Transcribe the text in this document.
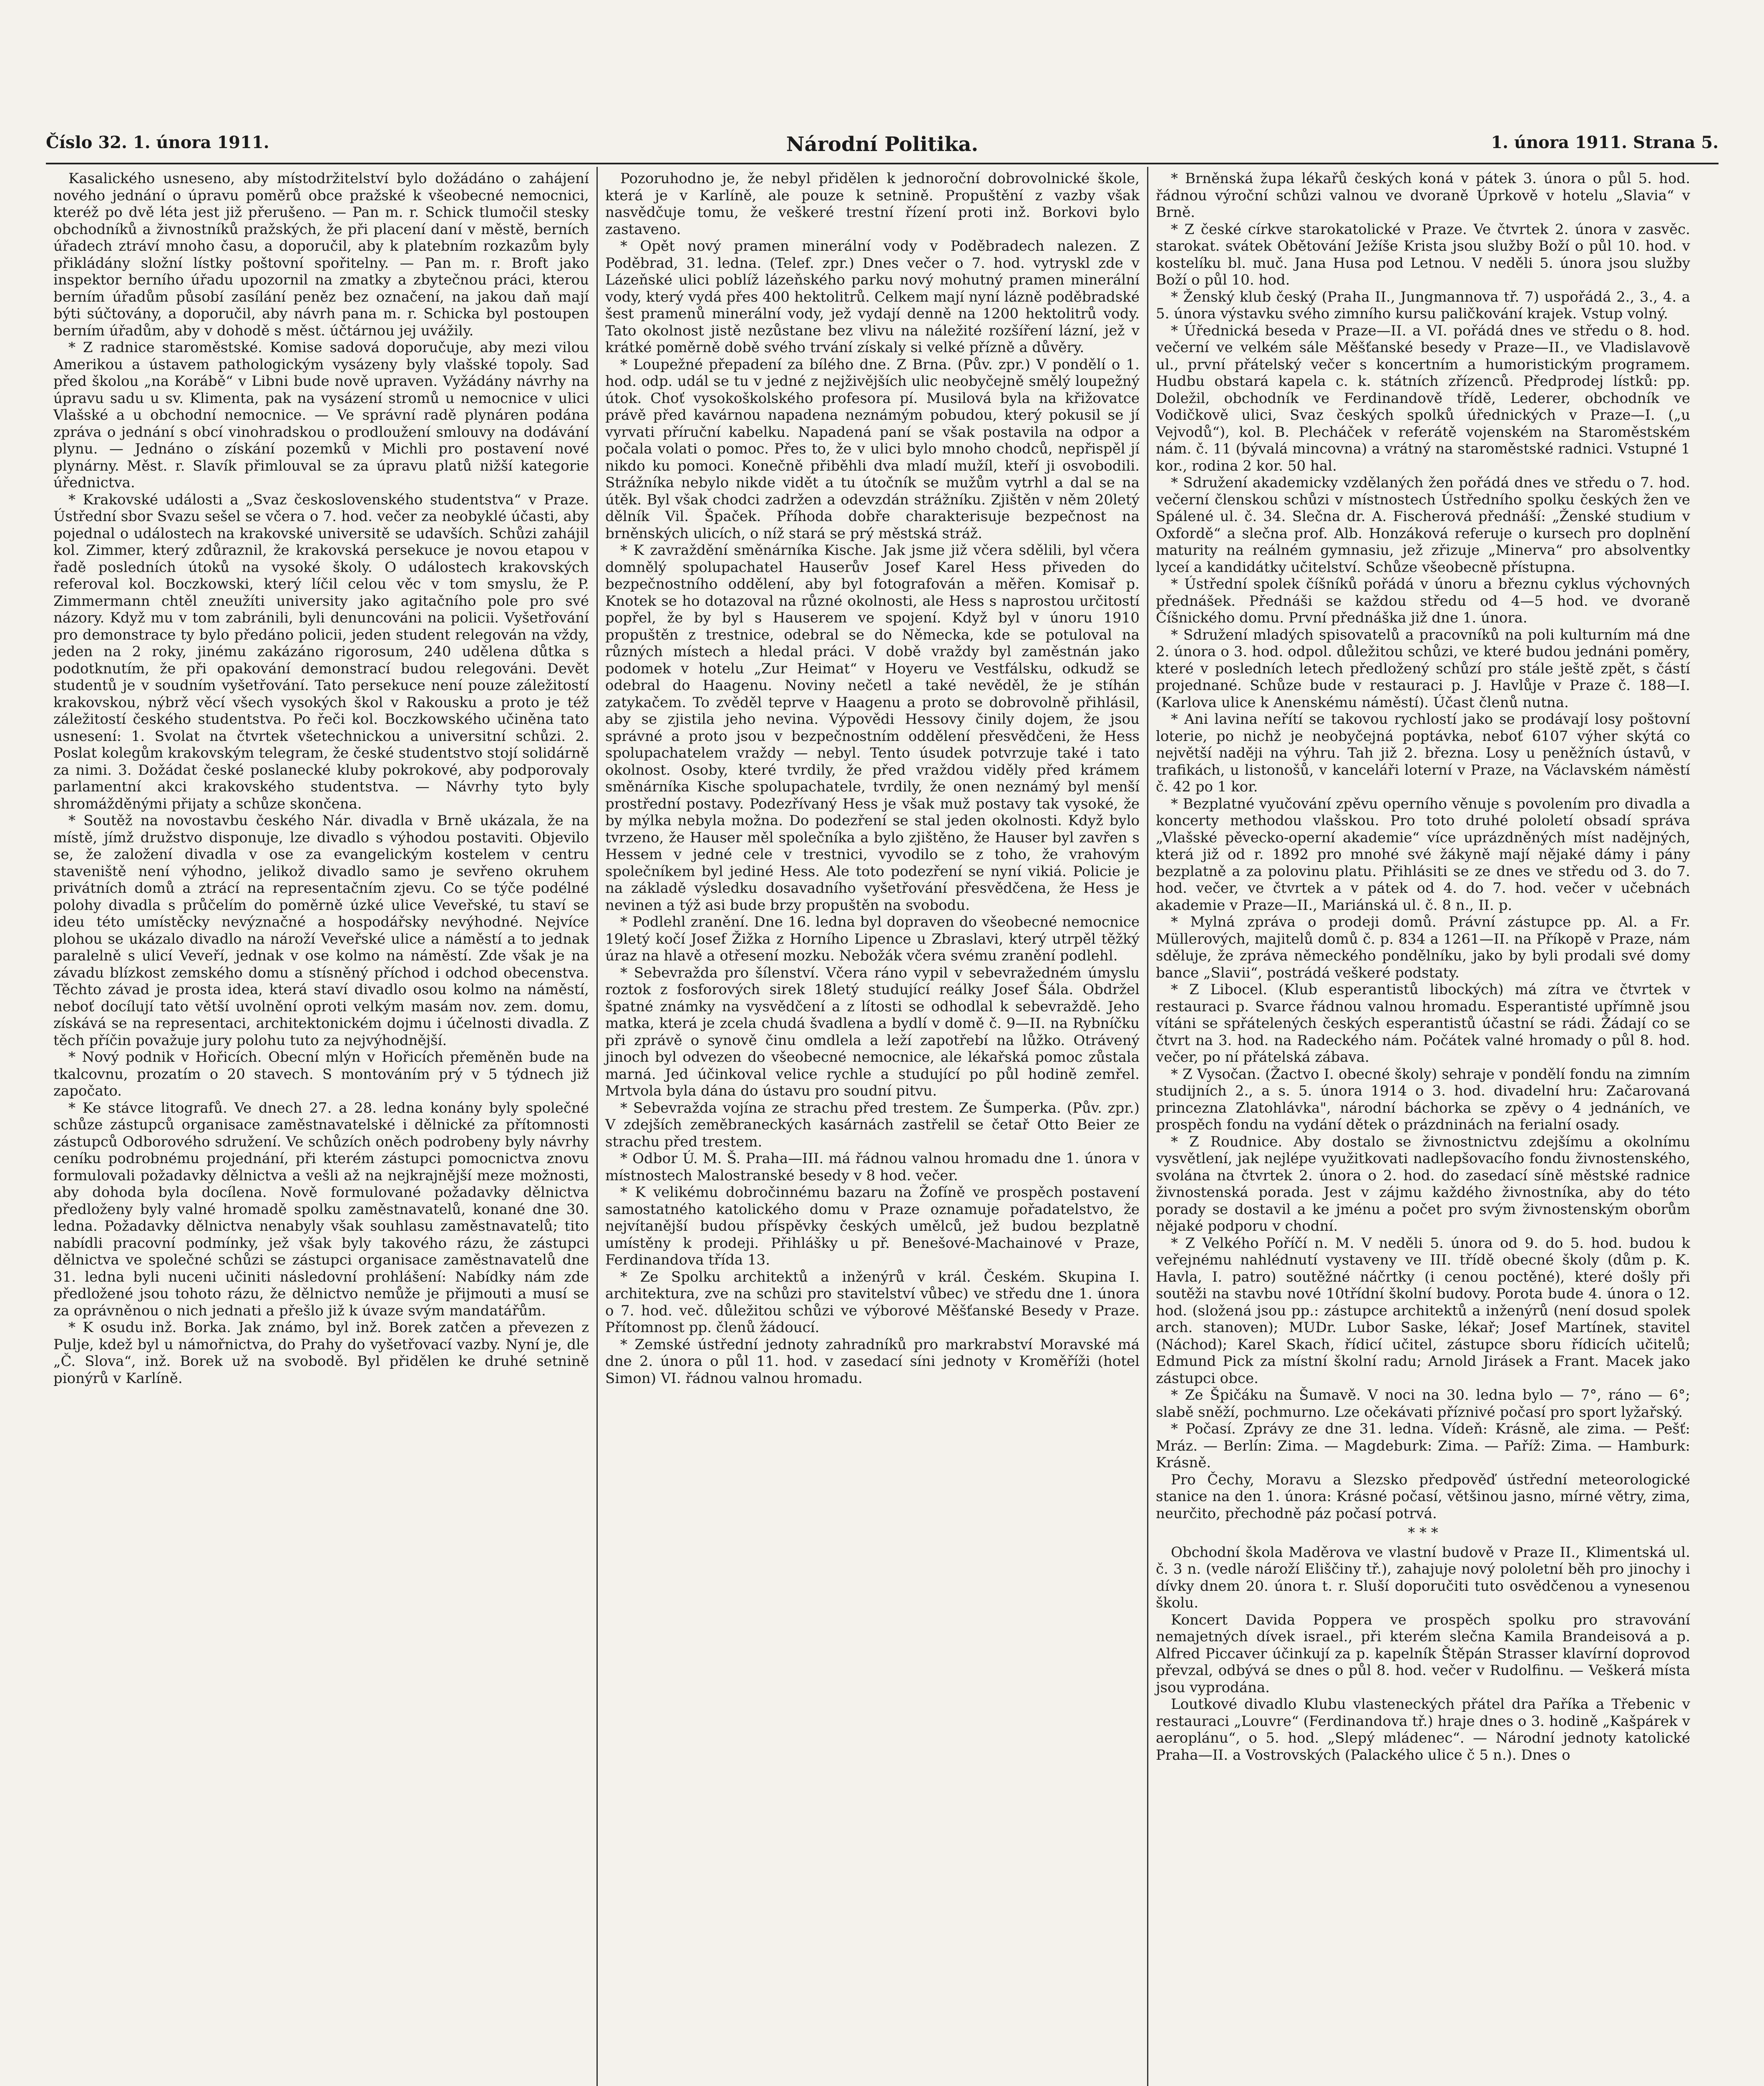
Číslo 32. 1. února 1911.	Národní Politika.	1. února 1911. Strana 5.

Kasalického usneseno, aby místodržitelství bylo dožádáno o zahájení nového jednání o úpravu poměrů obce pražské k všeobecné nemocnici, kteréž po dvě léta jest již přerušeno. — Pan m. r. Schick tlumočil stesky obchodníků a živnostníků pražských, že při placení daní v městě, berních úřadech ztráví mnoho času, a doporučil, aby k platebním rozkazům byly přikládány složní lístky poštovní spořitelny. — Pan m. r. Broft jako inspektor berního úřadu upozornil na zmatky a zbytečnou práci, kterou berním úřadům působí zasílání peněz bez označení, na jakou daň mají býti súčtovány, a doporučil, aby návrh pana m. r. Schicka byl postoupen berním úřadům, aby v dohodě s měst. účtárnou jej uvážily.

* Z radnice staroměstské. Komise sadová doporučuje, aby mezi vilou Amerikou a ústavem pathologickým vysázeny byly vlašské topoly. Sad před školou „na Korábě“ v Libni bude nově upraven. Vyžádány návrhy na úpravu sadu u sv. Klimenta, pak na vysázení stromů u nemocnice v ulici Vlašské a u obchodní nemocnice. — Ve správní radě plynáren podána zpráva o jednání s obcí vinohradskou o prodloužení smlouvy na dodávání plynu. — Jednáno o získání pozemků v Michli pro postavení nové plynárny. Měst. r. Slavík přimlouval se za úpravu platů nižší kategorie úřednictva.

* Krakovské události a „Svaz československého studentstva“ v Praze. Ústřední sbor Svazu sešel se včera o 7. hod. večer za neobyklé účasti, aby pojednal o událostech na krakovské universitě se udavších. Schůzi zahájil kol. Zimmer, který zdůraznil, že krakovská persekuce je novou etapou v řadě posledních útoků na vysoké školy. O událostech krakovských referoval kol. Boczkowski, který líčil celou věc v tom smyslu, že P. Zimmermann chtěl zneužíti university jako agitačního pole pro své názory. Když mu v tom zabránili, byli denuncováni na policii. Vyšetřování pro demonstrace ty bylo předáno policii, jeden student relegován na vždy, jeden na 2 roky, jinému zakázáno rigorosum, 240 udělena důtka s podotknutím, že při opakování demonstrací budou relegováni. Devět studentů je v soudním vyšetřování. Tato persekuce není pouze záležitostí krakovskou, nýbrž věcí všech vysokých škol v Rakousku a proto je též záležitostí českého studentstva. Po řeči kol. Boczkowského učiněna tato usnesení: 1. Svolat na čtvrtek všetechnickou a universitní schůzi. 2. Poslat kolegům krakovským telegram, že české studentstvo stojí solidárně za nimi. 3. Dožádat české poslanecké kluby pokrokové, aby podporovaly parlamentní akci krakovského studentstva. — Návrhy tyto byly shromážděnými přijaty a schůze skončena.

* Soutěž na novostavbu českého Nár. divadla v Brně ukázala, že na místě, jímž družstvo disponuje, lze divadlo s výhodou postaviti. Objevilo se, že založení divadla v ose za evangelickým kostelem v centru staveniště není výhodno, jelikož divadlo samo je sevřeno okruhem privátních domů a ztrácí na representačním zjevu. Co se týče podélné polohy divadla s průčelím do poměrně úzké ulice Veveřské, tu staví se ideu této umístěcky nevýznačné a hospodářsky nevýhodné. Nejvíce plohou se ukázalo divadlo na nároží Veveřské ulice a náměstí a to jednak paralelně s ulicí Veveří, jednak v ose kolmo na náměstí. Zde však je na závadu blízkost zemského domu a stísněný příchod i odchod obecenstva. Těchto závad je prosta idea, která staví divadlo osou kolmo na náměstí, neboť docílují tato větší uvolnění oproti velkým masám nov. zem. domu, získává se na representaci, architektonickém dojmu i účelnosti divadla. Z těch příčin považuje jury polohu tuto za nejvýhodnější.

* Nový podnik v Hořicích. Obecní mlýn v Hořicích přeměněn bude na tkalcovnu, prozatím o 20 stavech. S montováním prý v 5 týdnech již započato.

* Ke stávce litografů. Ve dnech 27. a 28. ledna konány byly společné schůze zástupců organisace zaměstnavatelské i dělnické za přítomnosti zástupců Odborového sdružení. Ve schůzích oněch podrobeny byly návrhy ceníku podrobnému projednání, při kterém zástupci pomocnictva znovu formulovali požadavky dělnictva a vešli až na nejkrajnější meze možnosti, aby dohoda byla docílena. Nově formulované požadavky dělnictva předloženy byly valné hromadě spolku zaměstnavatelů, konané dne 30. ledna. Požadavky dělnictva nenabyly však souhlasu zaměstnavatelů; tito nabídli pracovní podmínky, jež však byly takového rázu, že zástupci dělnictva ve společné schůzi se zástupci organisace zaměstnavatelů dne 31. ledna byli nuceni učiniti následovní prohlášení: Nabídky nám zde předložené jsou tohoto rázu, že dělnictvo nemůže je přijmouti a musí se za oprávněnou o nich jednati a přešlo již k úvaze svým mandatářům.

* K osudu inž. Borka. Jak známo, byl inž. Borek zatčen a převezen z Pulje, kdež byl u námořnictva, do Prahy do vyšetřovací vazby. Nyní je, dle „Č. Slova“, inž. Borek už na svobodě. Byl přidělen ke druhé setnině pionýrů v Karlíně.

Pozoruhodno je, že nebyl přidělen k jednoroční dobrovolnické škole, která je v Karlíně, ale pouze k setnině. Propuštění z vazby však nasvědčuje tomu, že veškeré trestní řízení proti inž. Borkovi bylo zastaveno.

* Opět nový pramen minerální vody v Poděbradech nalezen. Z Poděbrad, 31. ledna. (Telef. zpr.) Dnes večer o 7. hod. vytryskl zde v Lázeňské ulici poblíž lázeňského parku nový mohutný pramen minerální vody, který vydá přes 400 hektolitrů. Celkem mají nyní lázně poděbradské šest pramenů minerální vody, jež vydají denně na 1200 hektolitrů vody. Tato okolnost jistě nezůstane bez vlivu na náležité rozšíření lázní, jež v krátké poměrně době svého trvání získaly si velké přízně a důvěry.

* Loupežné přepadení za bílého dne. Z Brna. (Pův. zpr.) V pondělí o 1. hod. odp. udál se tu v jedné z nejživějších ulic neobyčejně smělý loupežný útok. Choť vysokoškolského profesora pí. Musilová byla na křižovatce právě před kavárnou napadena neznámým pobudou, který pokusil se jí vyrvati příruční kabelku. Napadená paní se však postavila na odpor a počala volati o pomoc. Přes to, že v ulici bylo mnoho chodců, nepřispěl jí nikdo ku pomoci. Konečně přiběhli dva mladí mužíl, kteří ji osvobodili. Strážníka nebylo nikde vidět a tu útočník se mužům vytrhl a dal se na útěk. Byl však chodci zadržen a odevzdán strážníku. Zjištěn v něm 20letý dělník Vil. Špaček. Příhoda dobře charakterisuje bezpečnost na brněnských ulicích, o níž stará se prý městská stráž.

* K zavraždění směnárníka Kische. Jak jsme již včera sdělili, byl včera domnělý spolupachatel Hauserův Josef Karel Hess přiveden do bezpečnostního oddělení, aby byl fotografován a měřen. Komisař p. Knotek se ho dotazoval na různé okolnosti, ale Hess s naprostou určitostí popřel, že by byl s Hauserem ve spojení. Když byl v únoru 1910 propuštěn z trestnice, odebral se do Německa, kde se potuloval na různých místech a hledal práci. V době vraždy byl zaměstnán jako podomek v hotelu „Zur Heimat“ v Hoyeru ve Vestfálsku, odkudž se odebral do Haagenu. Noviny nečetl a také nevěděl, že je stíhán zatykačem. To zvěděl teprve v Haagenu a proto se dobrovolně přihlásil, aby se zjistila jeho nevina. Výpovědi Hessovy činily dojem, že jsou správné a proto jsou v bezpečnostním oddělení přesvědčeni, že Hess spolupachatelem vraždy — nebyl. Tento úsudek potvrzuje také i tato okolnost. Osoby, které tvrdily, že před vraždou viděly před krámem směnárníka Kische spolupachatele, tvrdily, že onen neznámý byl menší prostřední postavy. Podezřívaný Hess je však muž postavy tak vysoké, že by mýlka nebyla možna. Do podezření se stal jeden okolnosti. Když bylo tvrzeno, že Hauser měl společníka a bylo zjištěno, že Hauser byl zavřen s Hessem v jedné cele v trestnici, vyvodilo se z toho, že vrahovým společníkem byl jediné Hess. Ale toto podezření se nyní vikiá. Policie je na základě výsledku dosavadního vyšetřování přesvědčena, že Hess je nevinen a týž asi bude brzy propuštěn na svobodu.

* Podlehl zranění. Dne 16. ledna byl dopraven do všeobecné nemocnice 19letý kočí Josef Žižka z Horního Lipence u Zbraslavi, který utrpěl těžký úraz na hlavě a otřesení mozku. Nebožák včera svému zranění podlehl.

* Sebevražda pro šílenství. Včera ráno vypil v sebevražedném úmyslu roztok z fosforových sirek 18letý studující reálky Josef Šála. Obdržel špatné známky na vysvědčení a z lítosti se odhodlal k sebevraždě. Jeho matka, která je zcela chudá švadlena a bydlí v domě č. 9—II. na Rybníčku při zprávě o synově činu omdlela a leží zapotřebí na lůžko. Otrávený jinoch byl odvezen do všeobecné nemocnice, ale lékařská pomoc zůstala marná. Jed účinkoval velice rychle a studující po půl hodině zemřel. Mrtvola byla dána do ústavu pro soudní pitvu.

* Sebevražda vojína ze strachu před trestem. Ze Šumperka. (Pův. zpr.) V zdejších zeměbraneckých kasárnách zastřelil se četař Otto Beier ze strachu před trestem.

* Odbor Ú. M. Š. Praha—III. má řádnou valnou hromadu dne 1. února v místnostech Malostranské besedy v 8 hod. večer.

* K velikému dobročinnému bazaru na Žofíně ve prospěch postavení samostatného katolického domu v Praze oznamuje pořadatelstvo, že nejvítanější budou příspěvky českých umělců, jež budou bezplatně umístěny k prodeji. Přihlášky u př. Benešové-Machainové v Praze, Ferdinandova třída 13.

* Ze Spolku architektů a inženýrů v král. Českém. Skupina I. architektura, zve na schůzi pro stavitelství vůbec) ve středu dne 1. února o 7. hod. več. důležitou schůzi ve výborové Měšťanské Besedy v Praze. Přítomnost pp. členů žádoucí.

* Zemské ústřední jednoty zahradníků pro markrabství Moravské má dne 2. února o půl 11. hod. v zasedací síni jednoty v Kroměříži (hotel Simon) VI. řádnou valnou hromadu.

* Brněnská župa lékařů českých koná v pátek 3. února o půl 5. hod. řádnou výroční schůzi valnou ve dvoraně Úprkově v hotelu „Slavia“ v Brně.

* Z české církve starokatolické v Praze. Ve čtvrtek 2. února v zasvěc. starokat. svátek Obětování Ježíše Krista jsou služby Boží o půl 10. hod. v kostelíku bl. muč. Jana Husa pod Letnou. V neděli 5. února jsou služby Boží o půl 10. hod.

* Ženský klub český (Praha II., Jungmannova tř. 7) uspořádá 2., 3., 4. a 5. února výstavku svého zimního kursu paličkování krajek. Vstup volný.

* Úřednická beseda v Praze—II. a VI. pořádá dnes ve středu o 8. hod. večerní ve velkém sále Měšťanské besedy v Praze—II., ve Vladislavově ul., první přátelský večer s koncertním a humoristickým programem. Hudbu obstará kapela c. k. státních zřízenců. Předprodej lístků: pp. Doležil, obchodník ve Ferdinandově třídě, Lederer, obchodník ve Vodičkově ulici, Svaz českých spolků úřednických v Praze—I. („u Vejvodů“), kol. B. Plecháček v referátě vojenském na Staroměstském nám. č. 11 (bývalá mincovna) a vrátný na staroměstské radnici. Vstupné 1 kor., rodina 2 kor. 50 hal.

* Sdružení akademicky vzdělaných žen pořádá dnes ve středu o 7. hod. večerní členskou schůzi v místnostech Ústředního spolku českých žen ve Spálené ul. č. 34. Slečna dr. A. Fischerová přednáší: „Ženské studium v Oxfordě“ a slečna prof. Alb. Honzáková referuje o kursech pro doplnění maturity na reálném gymnasiu, jež zřizuje „Minerva“ pro absolventky lyceí a kandidátky učitelství. Schůze všeobecně přístupna.

* Ústřední spolek číšníků pořádá v únoru a březnu cyklus výchovných přednášek. Přednáši se každou středu od 4—5 hod. ve dvoraně Číšnického domu. První přednáška již dne 1. února.

* Sdružení mladých spisovatelů a pracovníků na poli kulturním má dne 2. února o 3. hod. odpol. důležitou schůzi, ve které budou jednáni poměry, které v posledních letech předložený schůzí pro stále ještě zpět, s částí projednané. Schůze bude v restauraci p. J. Havlůje v Praze č. 188—I. (Karlova ulice k Anenskému náměstí). Účast členů nutna.

* Ani lavina neřítí se takovou rychlostí jako se prodávají losy poštovní loterie, po nichž je neobyčejná poptávka, neboť 6107 výher skýtá co největší naději na výhru. Tah již 2. března. Losy u peněžních ústavů, v trafikách, u listonošů, v kanceláři loterní v Praze, na Václavském náměstí č. 42 po 1 kor.

* Bezplatné vyučování zpěvu operního věnuje s povolením pro divadla a koncerty methodou vlašskou. Pro toto druhé pololetí obsadí správa „Vlašské pěvecko-operní akademie“ více uprázdněných míst nadějných, která již od r. 1892 pro mnohé své žákyně mají nějaké dámy i pány bezplatně a za polovinu platu. Přihlásiti se ze dnes ve středu od 3. do 7. hod. večer, ve čtvrtek a v pátek od 4. do 7. hod. večer v učebnách akademie v Praze—II., Mariánská ul. č. 8 n., II. p.

* Mylná zpráva o prodeji domů. Právní zástupce pp. Al. a Fr. Müllerových, majitelů domů č. p. 834 a 1261—II. na Příkopě v Praze, nám sděluje, že zpráva německého pondělníku, jako by byli prodali své domy bance „Slavii“, postrádá veškeré podstaty.

* Z Libocel. (Klub esperantistů libockých) má zítra ve čtvrtek v restauraci p. Svarce řádnou valnou hromadu. Esperantisté upřímně jsou vítáni se spřátelených českých esperantistů účastní se rádi. Žádají co se čtvrt na 3. hod. na Radeckého nám. Počátek valné hromady o půl 8. hod. večer, po ní přátelská zábava.

* Z Vysočan. (Žactvo I. obecné školy) sehraje v pondělí fondu na zimním studijních 2., a s. 5. února 1914 o 3. hod. divadelní hru: Začarovaná princezna Zlatohlávka", národní báchorka se zpěvy o 4 jednáních, ve prospěch fondu na vydání dětek o prázdninách na ferialní osady.

* Z Roudnice. Aby dostalo se živnostnictvu zdejšímu a okolnímu vysvětlení, jak nejlépe využitkovati nadlepšovacího fondu živnostenského, svolána na čtvrtek 2. února o 2. hod. do zasedací síně městské radnice živnostenská porada. Jest v zájmu každého živnostníka, aby do této porady se dostavil a ke jménu a počet pro svým živnostenským oborům nějaké podporu v chodní.

* Z Velkého Poříčí n. M. V neděli 5. února od 9. do 5. hod. budou k veřejnému nahlédnutí vystaveny ve III. třídě obecné školy (dům p. K. Havla, I. patro) soutěžné náčrtky (i cenou poctěné), které došly při soutěži na stavbu nové 10třídní školní budovy. Porota bude 4. února o 12. hod. (složená jsou pp.: zástupce architektů a inženýrů (není dosud spolek arch. stanoven); MUDr. Lubor Saske, lékař; Josef Martínek, stavitel (Náchod); Karel Skach, řídicí učitel, zástupce sboru řídicích učitelů; Edmund Pick za místní školní radu; Arnold Jirásek a Frant. Macek jako zástupci obce.

* Ze Špičáku na Šumavě. V noci na 30. ledna bylo — 7°, ráno — 6°; slabě sněží, pochmurno. Lze očekávati příznivé počasí pro sport lyžařský.

* Počasí. Zprávy ze dne 31. ledna. Vídeň: Krásně, ale zima. — Pešť: Mráz. — Berlín: Zima. — Magdeburk: Zima. — Paříž: Zima. — Hamburk: Krásně.

Pro Čechy, Moravu a Slezsko předpověď ústřední meteorologické stanice na den 1. února: Krásné počasí, většinou jasno, mírné větry, zima, neurčito, přechodně páz počasí potrvá.

* * *

Obchodní škola Maděrova ve vlastní budově v Praze II., Klimentská ul. č. 3 n. (vedle nároží Eliščiny tř.), zahajuje nový pololetní běh pro jinochy i dívky dnem 20. února t. r. Sluší doporučiti tuto osvědčenou a vynesenou školu.

Koncert Davida Poppera ve prospěch spolku pro stravování nemajetných dívek israel., při kterém slečna Kamila Brandeisová a p. Alfred Piccaver účinkují za p. kapelník Štěpán Strasser klavírní doprovod převzal, odbývá se dnes o půl 8. hod. večer v Rudolfinu. — Veškerá místa jsou vyprodána.

Loutkové divadlo Klubu vlasteneckých přátel dra Paříka a Třebenic v restauraci „Louvre“ (Ferdinandova tř.) hraje dnes o 3. hodině „Kašpárek v aeroplánu“, o 5. hod. „Slepý mládenec“. — Národní jednoty katolické Praha—II. a Vostrovských (Palackého ulice č 5 n.). Dnes o
